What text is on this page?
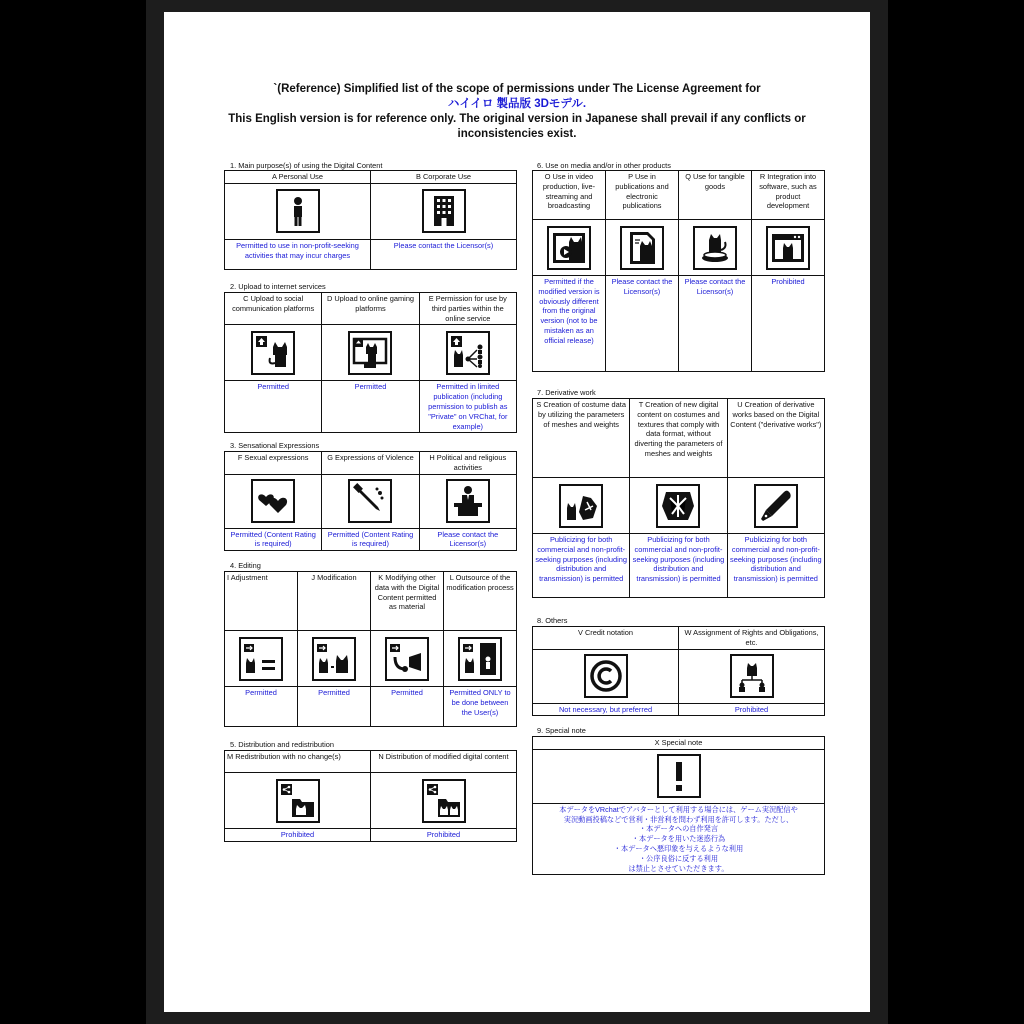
`(Reference) Simplified list of the scope of permissions under The License Agreement for
ハイイロ 製品版 3Dモデル.
This English version is for reference only. The original version in Japanese shall prevail if any conflicts or
inconsistencies exist.
1. Main purpose(s) of using the Digital Content
A Personal Use	B Corporate Use

Permitted to use in non-profit-seeking activities that may incur charges	Please contact the Licensor(s)
2. Upload to internet services
C Upload to social communication platforms	D Upload to online gaming platforms	E Permission for use by third parties within the online service

Permitted	Permitted	Permitted in limited publication (including permission to publish as "Private" on VRChat, for example)
3. Sensational Expressions
F Sexual expressions	G Expressions of Violence	H Political and religious activities

Permitted (Content Rating is required)	Permitted (Content Rating is required)	Please contact the Licensor(s)
4. Editing
I Adjustment	J Modification	K Modifying other data with the Digital Content permitted as material	L Outsource of the modification process

Permitted	Permitted	Permitted	Permitted ONLY to be done between the User(s)
5. Distribution and redistribution
M Redistribution with no change(s)	N Distribution of modified digital content

Prohibited	Prohibited
6. Use on media and/or in other products
O Use in video production, live-streaming and broadcasting	P Use in publications and electronic publications	Q Use for tangible goods	R Integration into software, such as product development

Permitted if the modified version is obviously different from the original version (not to be mistaken as an official release)	Please contact the Licensor(s)	Please contact the Licensor(s)	Prohibited
7. Derivative work
S Creation of costume data by utilizing the parameters of meshes and weights	T Creation of new digital content on costumes and textures that comply with data format, without diverting the parameters of meshes and weights	U Creation of derivative works based on the Digital Content ("derivative works")

Publicizing for both commercial and non-profit-seeking purposes (including distribution and transmission) is permitted	Publicizing for both commercial and non-profit-seeking purposes (including distribution and transmission) is permitted	Publicizing for both commercial and non-profit-seeking purposes (including distribution and transmission) is permitted
8. Others
V Credit notation	W Assignment of Rights and Obligations, etc.

Not necessary, but preferred	Prohibited
9. Special note
X Special note

本データをVRchatでアバターとして利用する場合には、ゲーム実況配信や
実況動画投稿などで営利・非営利を問わず利用を許可します。ただし、
・本データへの自作発言
・本データを用いた迷惑行為
・本データへ悪印象を与えるような利用
・公序良俗に反する利用
は禁止とさせていただきます。
